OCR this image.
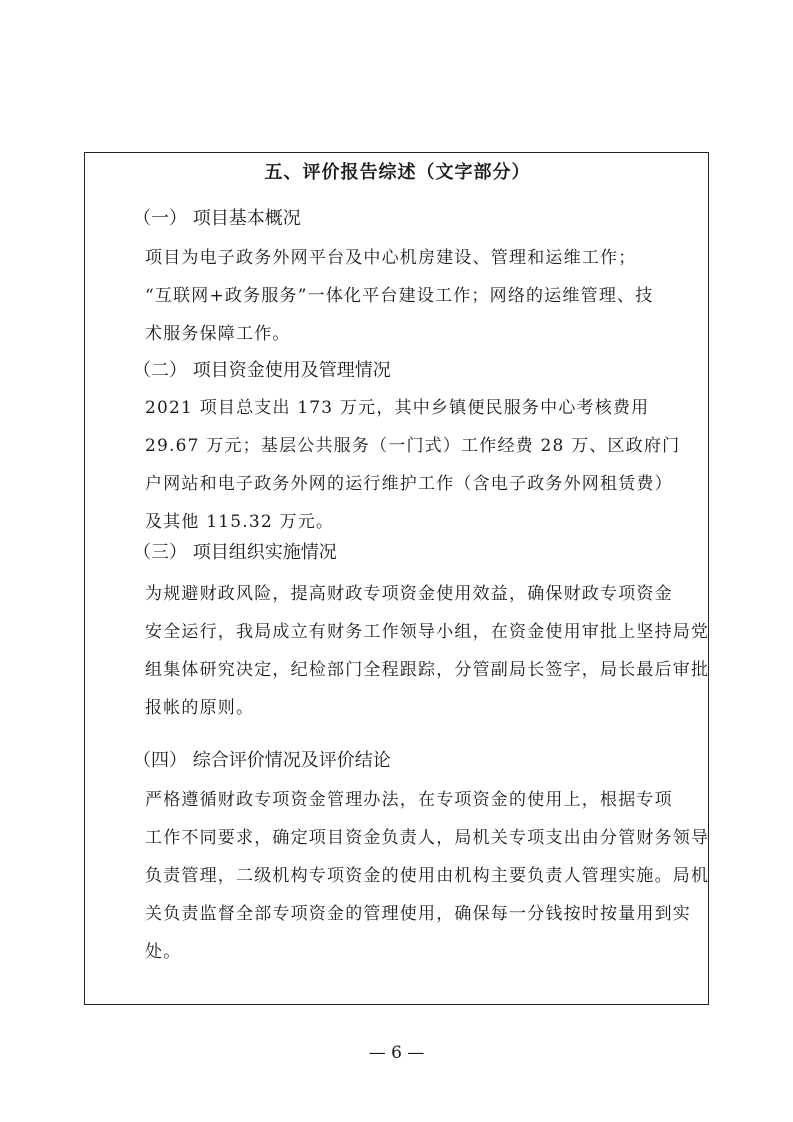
五、评价报告综述（文字部分）
（一） 项目基本概况
项目为电子政务外网平台及中心机房建设、管理和运维工作；
“互联网+政务服务”一体化平台建设工作；网络的运维管理、技
术服务保障工作。
（二） 项目资金使用及管理情况
2021 项目总支出 173 万元，其中乡镇便民服务中心考核费用
29.67 万元；基层公共服务（一门式）工作经费 28 万、区政府门
户网站和电子政务外网的运行维护工作（含电子政务外网租赁费）
及其他 115.32 万元。
（三） 项目组织实施情况
为规避财政风险，提高财政专项资金使用效益，确保财政专项资金
安全运行，我局成立有财务工作领导小组，在资金使用审批上坚持局党
组集体研究决定，纪检部门全程跟踪，分管副局长签字，局长最后审批
报帐的原则。
（四） 综合评价情况及评价结论
严格遵循财政专项资金管理办法，在专项资金的使用上，根据专项
工作不同要求，确定项目资金负责人，局机关专项支出由分管财务领导
负责管理，二级机构专项资金的使用由机构主要负责人管理实施。局机
关负责监督全部专项资金的管理使用，确保每一分钱按时按量用到实
处。
— 6 —
